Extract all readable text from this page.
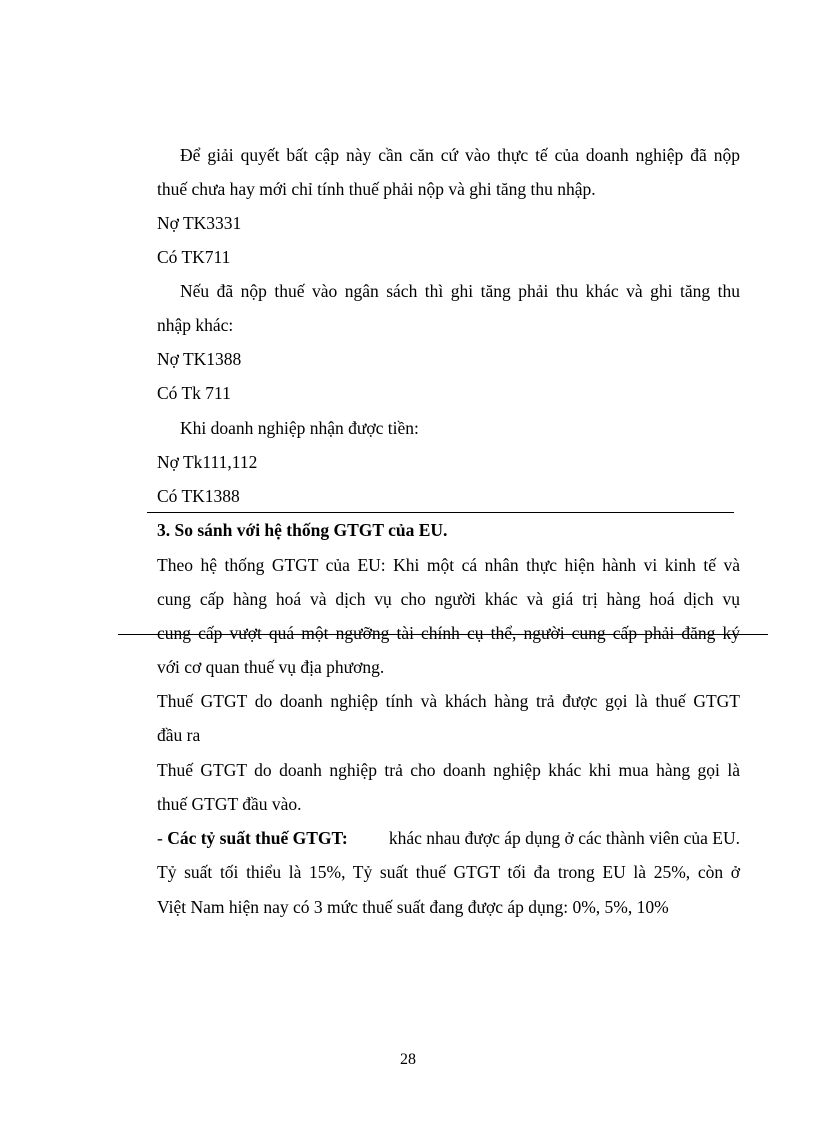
Để giải quyết bất cập này cần căn cứ vào thực tế của doanh nghiệp đã nộp
thuế chưa hay mới chỉ tính thuế phải nộp và ghi tăng thu nhập.
Nợ TK3331
Có TK711
Nếu đã nộp thuế vào ngân sách thì ghi tăng phải thu khác và ghi tăng thu
nhập khác:
Nợ TK1388
Có Tk 711
Khi doanh nghiệp nhận được tiền:
Nợ Tk111,112
Có TK1388
3. So sánh với hệ thống GTGT của EU.
Theo hệ thống GTGT của EU: Khi một cá nhân thực hiện hành vi kinh tế và
cung cấp hàng hoá và dịch vụ cho người khác và giá trị hàng hoá dịch vụ
cung cấp vượt quá một ngưỡng tài chính cụ thể, người cung cấp phải đăng ký
với cơ quan thuế vụ địa phương.
Thuế GTGT do doanh nghiệp tính và khách hàng trả được gọi là thuế GTGT
đầu ra
Thuế GTGT do doanh nghiệp trả cho doanh nghiệp khác khi mua hàng gọi là
thuế GTGT đầu vào.
- Các tỷ suất thuế GTGT: khác nhau được áp dụng ở các thành viên của EU.
Tỷ suất tối thiểu là 15%, Tỷ suất thuế GTGT tối đa trong EU là 25%, còn ở
Việt Nam hiện nay có 3 mức thuế suất đang được áp dụng: 0%, 5%, 10%
28
